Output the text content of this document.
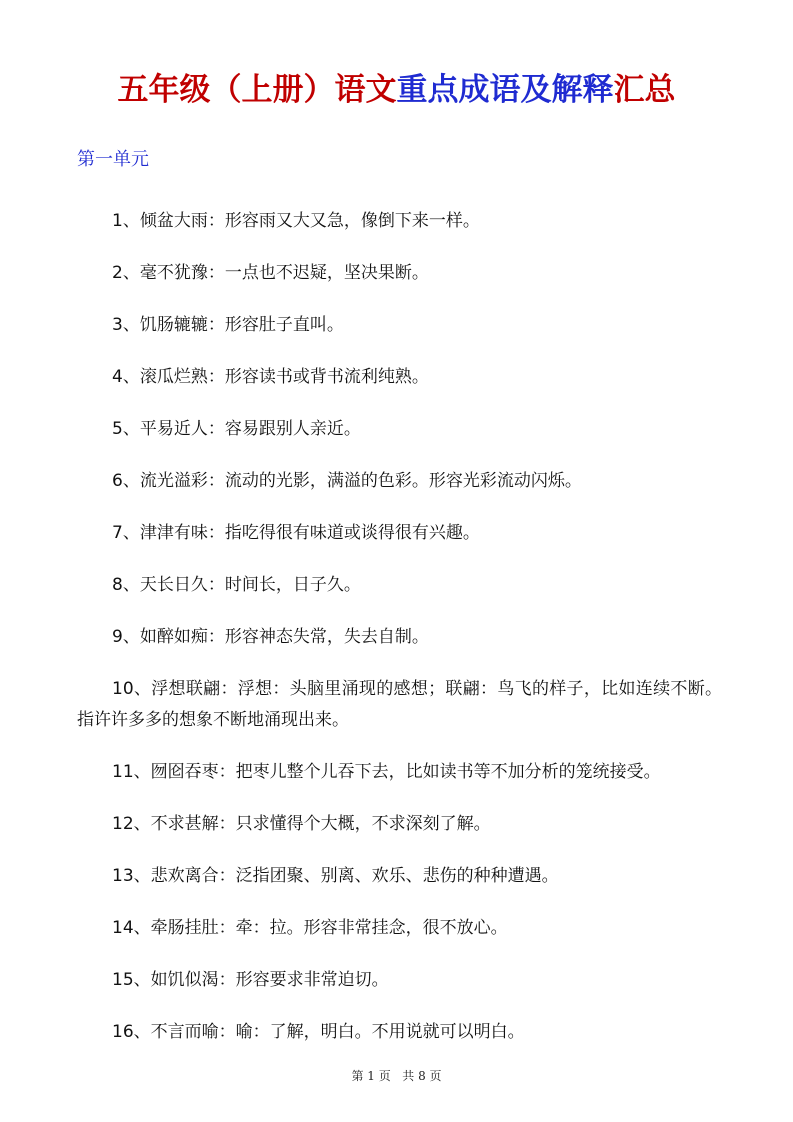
五年级（上册）语文重点成语及解释汇总
第一单元

1、倾盆大雨：形容雨又大又急，像倒下来一样。

2、毫不犹豫：一点也不迟疑，坚决果断。

3、饥肠辘辘：形容肚子直叫。

4、滚瓜烂熟：形容读书或背书流利纯熟。

5、平易近人：容易跟别人亲近。

6、流光溢彩：流动的光影，满溢的色彩。形容光彩流动闪烁。

7、津津有味：指吃得很有味道或谈得很有兴趣。

8、天长日久：时间长，日子久。

9、如醉如痴：形容神态失常，失去自制。

10、浮想联翩：浮想：头脑里涌现的感想；联翩：鸟飞的样子，比如连续不断。指许许多多的想象不断地涌现出来。

11、囫囵吞枣：把枣儿整个儿吞下去，比如读书等不加分析的笼统接受。

12、不求甚解：只求懂得个大概，不求深刻了解。

13、悲欢离合：泛指团聚、别离、欢乐、悲伤的种种遭遇。

14、牵肠挂肚：牵：拉。形容非常挂念，很不放心。

15、如饥似渴：形容要求非常迫切。

16、不言而喻：喻：了解，明白。不用说就可以明白。

第 1 页 共 8 页
